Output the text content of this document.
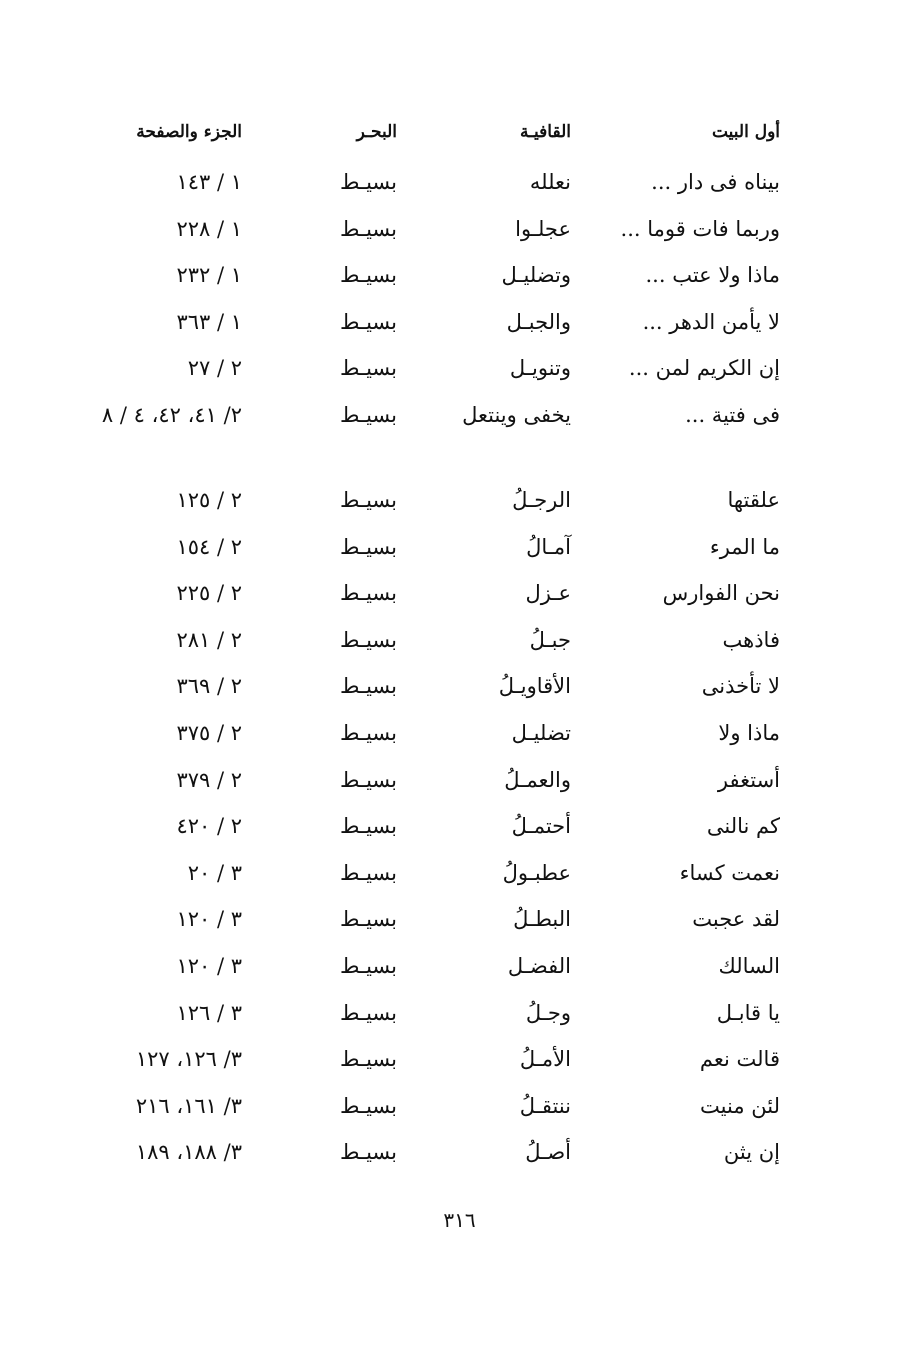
أول البيت
القافيـة
البحـر
الجزء والصفحة
بيناه فى دار ...
نعلله
بسيـط
١ / ١٤٣
وربما فات قوما ...
عجلـوا
بسيـط
١ / ٢٢٨
ماذا ولا عتب ...
وتضليـل
بسيـط
١ / ٢٣٢
لا يأمن الدهر ...
والجبـل
بسيـط
١ / ٣٦٣
إن الكريم لمن ...
وتنويـل
بسيـط
٢ / ٢٧
فى فتية ...
يخفى وينتعل
بسيـط
٢/ ٤١، ٤٢، ٤ / ٨
علقتها
الرجـلُ
بسيـط
٢ / ١٢٥
ما المرء
آمـالُ
بسيـط
٢ / ١٥٤
نحن الفوارس
عـزل
بسيـط
٢ / ٢٢٥
فاذهب
جبـلُ
بسيـط
٢ / ٢٨١
لا تأخذنى
الأقاويـلُ
بسيـط
٢ / ٣٦٩
ماذا ولا
تضليـل
بسيـط
٢ / ٣٧٥
أستغفر
والعمـلُ
بسيـط
٢ / ٣٧٩
كم نالنى
أحتمـلُ
بسيـط
٢ / ٤٢٠
نعمت كساء
عطبـولُ
بسيـط
٣ / ٢٠
لقد عجبت
البطـلُ
بسيـط
٣ / ١٢٠
السالك
الفضـل
بسيـط
٣ / ١٢٠
يا قابـل
وجـلُ
بسيـط
٣ / ١٢٦
قالت نعم
الأمـلُ
بسيـط
٣/ ١٢٦، ١٢٧
لئن منيت
ننتقـلُ
بسيـط
٣/ ١٦١، ٢١٦
إن يثن
أصـلُ
بسيـط
٣/ ١٨٨، ١٨٩
٣١٦
